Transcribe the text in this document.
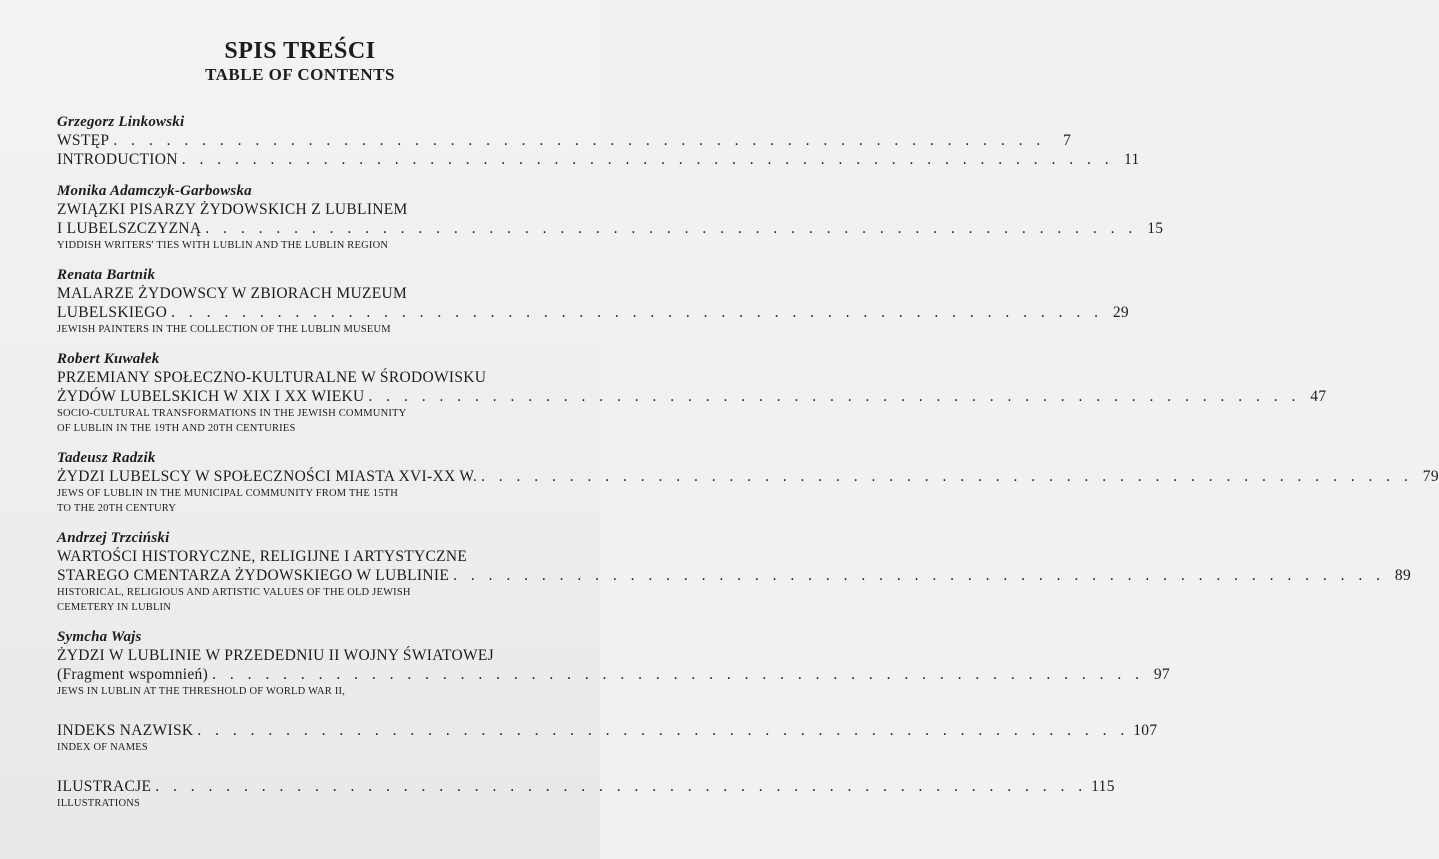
SPIS TREŚCI
TABLE OF CONTENTS
Grzegorz Linkowski
WSTĘP . . . . . . . . . . . . . . . . . . . . . . . . . . . . . . . . . . . . . . . . . . . . . . . . . . . . .	7
INTRODUCTION . . . . . . . . . . . . . . . . . . . . . . . . . . . . . . . . . . . . . . . . . . . . . . . . . . . . . 11
Monika Adamczyk-Garbowska
ZWIĄZKI PISARZY ŻYDOWSKICH Z LUBLINEM
I LUBELSZCZYZNĄ . . . . . . . . . . . . . . . . . . . . . . . . . . . . . . . . . . . . . . . . . . . . . . . . . . . . . 15
YIDDISH WRITERS' TIES WITH LUBLIN AND THE LUBLIN REGION
Renata Bartnik
MALARZE ŻYDOWSCY W ZBIORACH MUZEUM
LUBELSKIEGO . . . . . . . . . . . . . . . . . . . . . . . . . . . . . . . . . . . . . . . . . . . . . . . . . . . . . 29
JEWISH PAINTERS IN THE COLLECTION OF THE LUBLIN MUSEUM
Robert Kuwałek
PRZEMIANY SPOŁECZNO-KULTURALNE W ŚRODOWISKU
ŻYDÓW LUBELSKICH W XIX I XX WIEKU . . . . . . . . . . . . . . . . . . . . . . . . . . . . . . . . . . . . . . . . . . . . . . . . . . . . . 47
SOCIO-CULTURAL TRANSFORMATIONS IN THE JEWISH COMMUNITY
OF LUBLIN IN THE 19TH AND 20TH CENTURIES
Tadeusz Radzik
ŻYDZI LUBELSCY W SPOŁECZNOŚCI MIASTA XVI-XX W. . . . . . . . . . . . . . . . . . . . . . . . . . . . . . . . . . . . . . . . . . . . . . . . . . . . . . 79
JEWS OF LUBLIN IN THE MUNICIPAL COMMUNITY FROM THE 15TH
TO THE 20TH CENTURY
Andrzej Trzciński
WARTOŚCI HISTORYCZNE, RELIGIJNE I ARTYSTYCZNE
STAREGO CMENTARZA ŻYDOWSKIEGO W LUBLINIE . . . . . . . . . . . . . . . . . . . . . . . . . . . . . . . . . . . . . . . . . . . . . . . . . . . . . 89
HISTORICAL, RELIGIOUS AND ARTISTIC VALUES OF THE OLD JEWISH
CEMETERY IN LUBLIN
Symcha Wajs
ŻYDZI W LUBLINIE W PRZEDEDNIU II WOJNY ŚWIATOWEJ
(Fragment wspomnień) . . . . . . . . . . . . . . . . . . . . . . . . . . . . . . . . . . . . . . . . . . . . . . . . . . . . . 97
JEWS IN LUBLIN AT THE THRESHOLD OF WORLD WAR II,
INDEKS NAZWISK . . . . . . . . . . . . . . . . . . . . . . . . . . . . . . . . . . . . . . . . . . . . . . . . . . . . . 107
INDEX OF NAMES
ILUSTRACJE . . . . . . . . . . . . . . . . . . . . . . . . . . . . . . . . . . . . . . . . . . . . . . . . . . . . . 115
ILLUSTRATIONS
